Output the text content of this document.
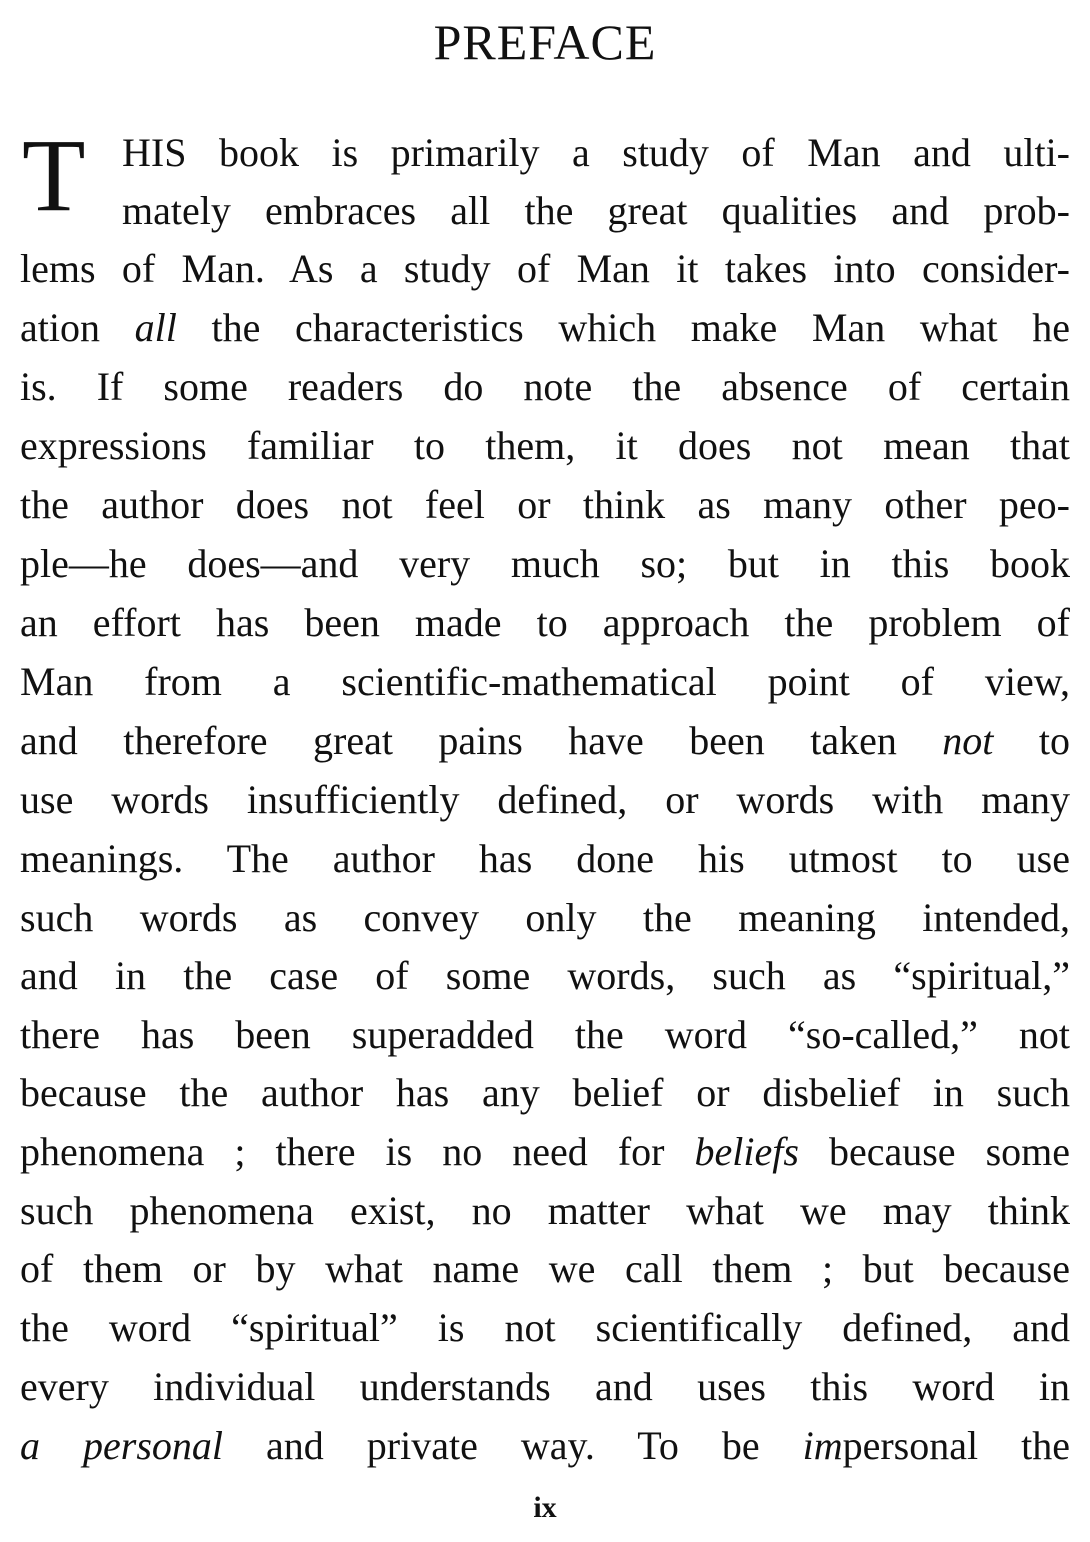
PREFACE
T HIS book is primarily a study of Man and ulti-
mately embraces all the great qualities and prob-
lems of Man. As a study of Man it takes into consider-
ation all the characteristics which make Man what he
is. If some readers do note the absence of certain
expressions familiar to them, it does not mean that
the author does not feel or think as many other peo-
ple—he does—and very much so; but in this book
an effort has been made to approach the problem of
Man from a scientific-mathematical point of view,
and therefore great pains have been taken not to
use words insufficiently defined, or words with many
meanings. The author has done his utmost to use
such words as convey only the meaning intended,
and in the case of some words, such as “spiritual,”
there has been superadded the word “so-called,” not
because the author has any belief or disbelief in such
phenomena ; there is no need for beliefs because some
such phenomena exist, no matter what we may think
of them or by what name we call them ; but because
the word “spiritual” is not scientifically defined, and
every individual understands and uses this word in
a personal and private way. To be impersonal the
ix
